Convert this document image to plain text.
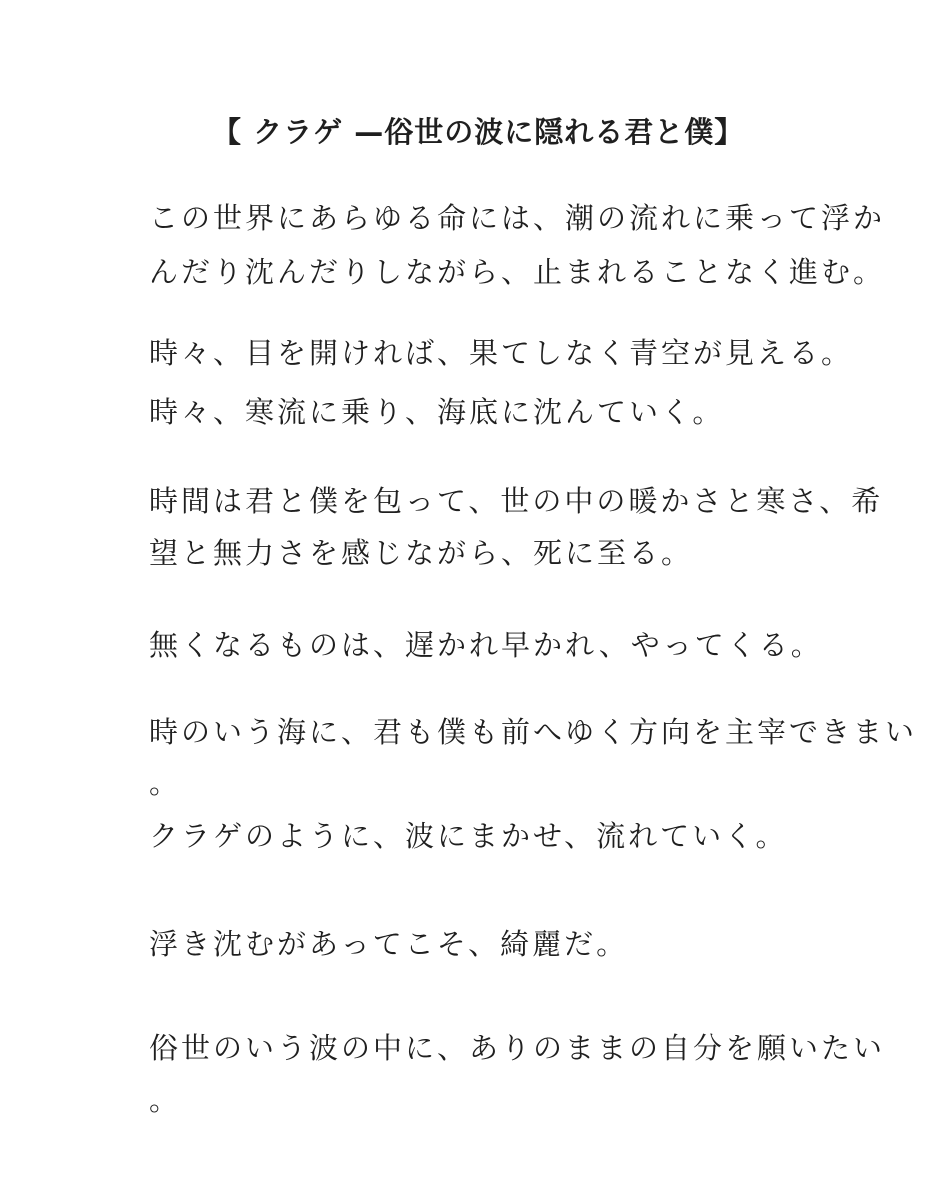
【 クラゲ —俗世の波に隠れる君と僕】
この世界にあらゆる命には、潮の流れに乗って浮か
んだり沈んだりしながら、止まれることなく進む。
時々、目を開ければ、果てしなく青空が見える。
時々、寒流に乗り、海底に沈んていく。
時間は君と僕を包って、世の中の暖かさと寒さ、希
望と無力さを感じながら、死に至る。
無くなるものは、遅かれ早かれ、やってくる。
時のいう海に、君も僕も前へゆく方向を主宰できまい
。
クラゲのように、波にまかせ、流れていく。
浮き沈むがあってこそ、綺麗だ。
俗世のいう波の中に、ありのままの自分を願いたい
。
